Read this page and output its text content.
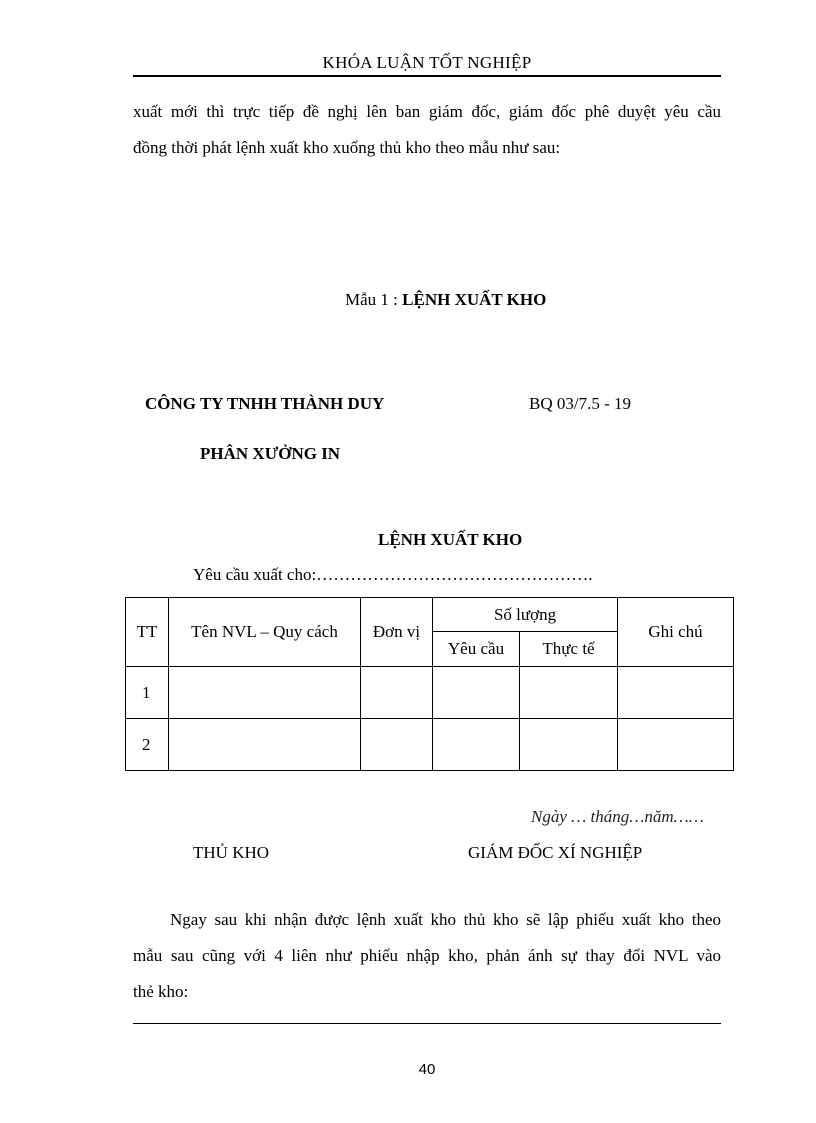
KHÓA LUẬN TỐT NGHIỆP
xuất mới thì trực tiếp đề nghị lên ban giám đốc, giám đốc phê duyệt yêu cầu
đồng thời phát lệnh xuất kho xuống thủ kho theo mẫu như sau:
Mẫu 1 : LỆNH XUẤT KHO
CÔNG TY TNHH THÀNH DUY	BQ 03/7.5 - 19
PHÂN XƯỞNG IN
LỆNH XUẤT KHO
Yêu cầu xuất cho:………………………………………….
TT	Tên NVL – Quy cách	Đơn vị	Số lượng		Ghi chú
			Yêu cầu	Thực tế	
1					
2					
Ngày … tháng…năm……
THỦ KHO	GIÁM ĐỐC XÍ NGHIỆP
Ngay sau khi nhận được lệnh xuất kho thủ kho sẽ lập phiếu xuất kho theo
mẫu sau cũng với 4 liên như phiếu nhập kho, phản ánh sự thay đổi NVL vào
thẻ kho:
40
